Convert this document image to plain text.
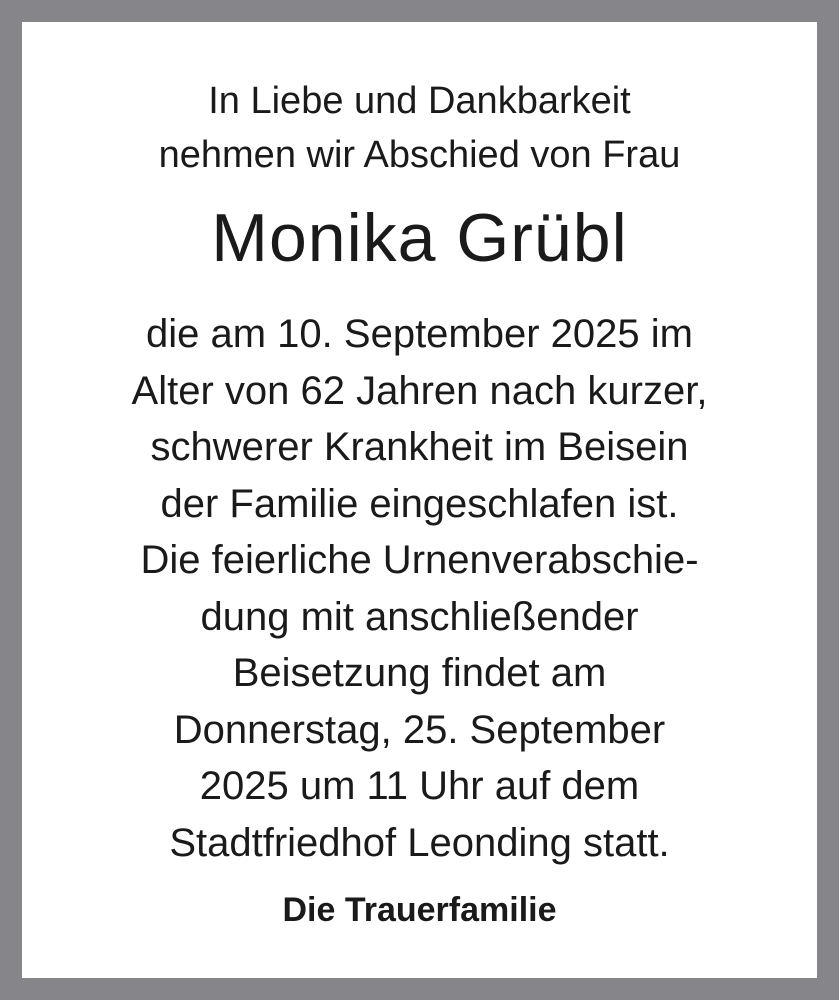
In Liebe und Dankbarkeit
nehmen wir Abschied von Frau
Monika Grübl
die am 10. September 2025 im
Alter von 62 Jahren nach kurzer,
schwerer Krankheit im Beisein
der Familie eingeschlafen ist.
Die feierliche Urnenverabschie-
dung mit anschließender
Beisetzung findet am
Donnerstag, 25. September
2025 um 11 Uhr auf dem
Stadtfriedhof Leonding statt.
Die Trauerfamilie
